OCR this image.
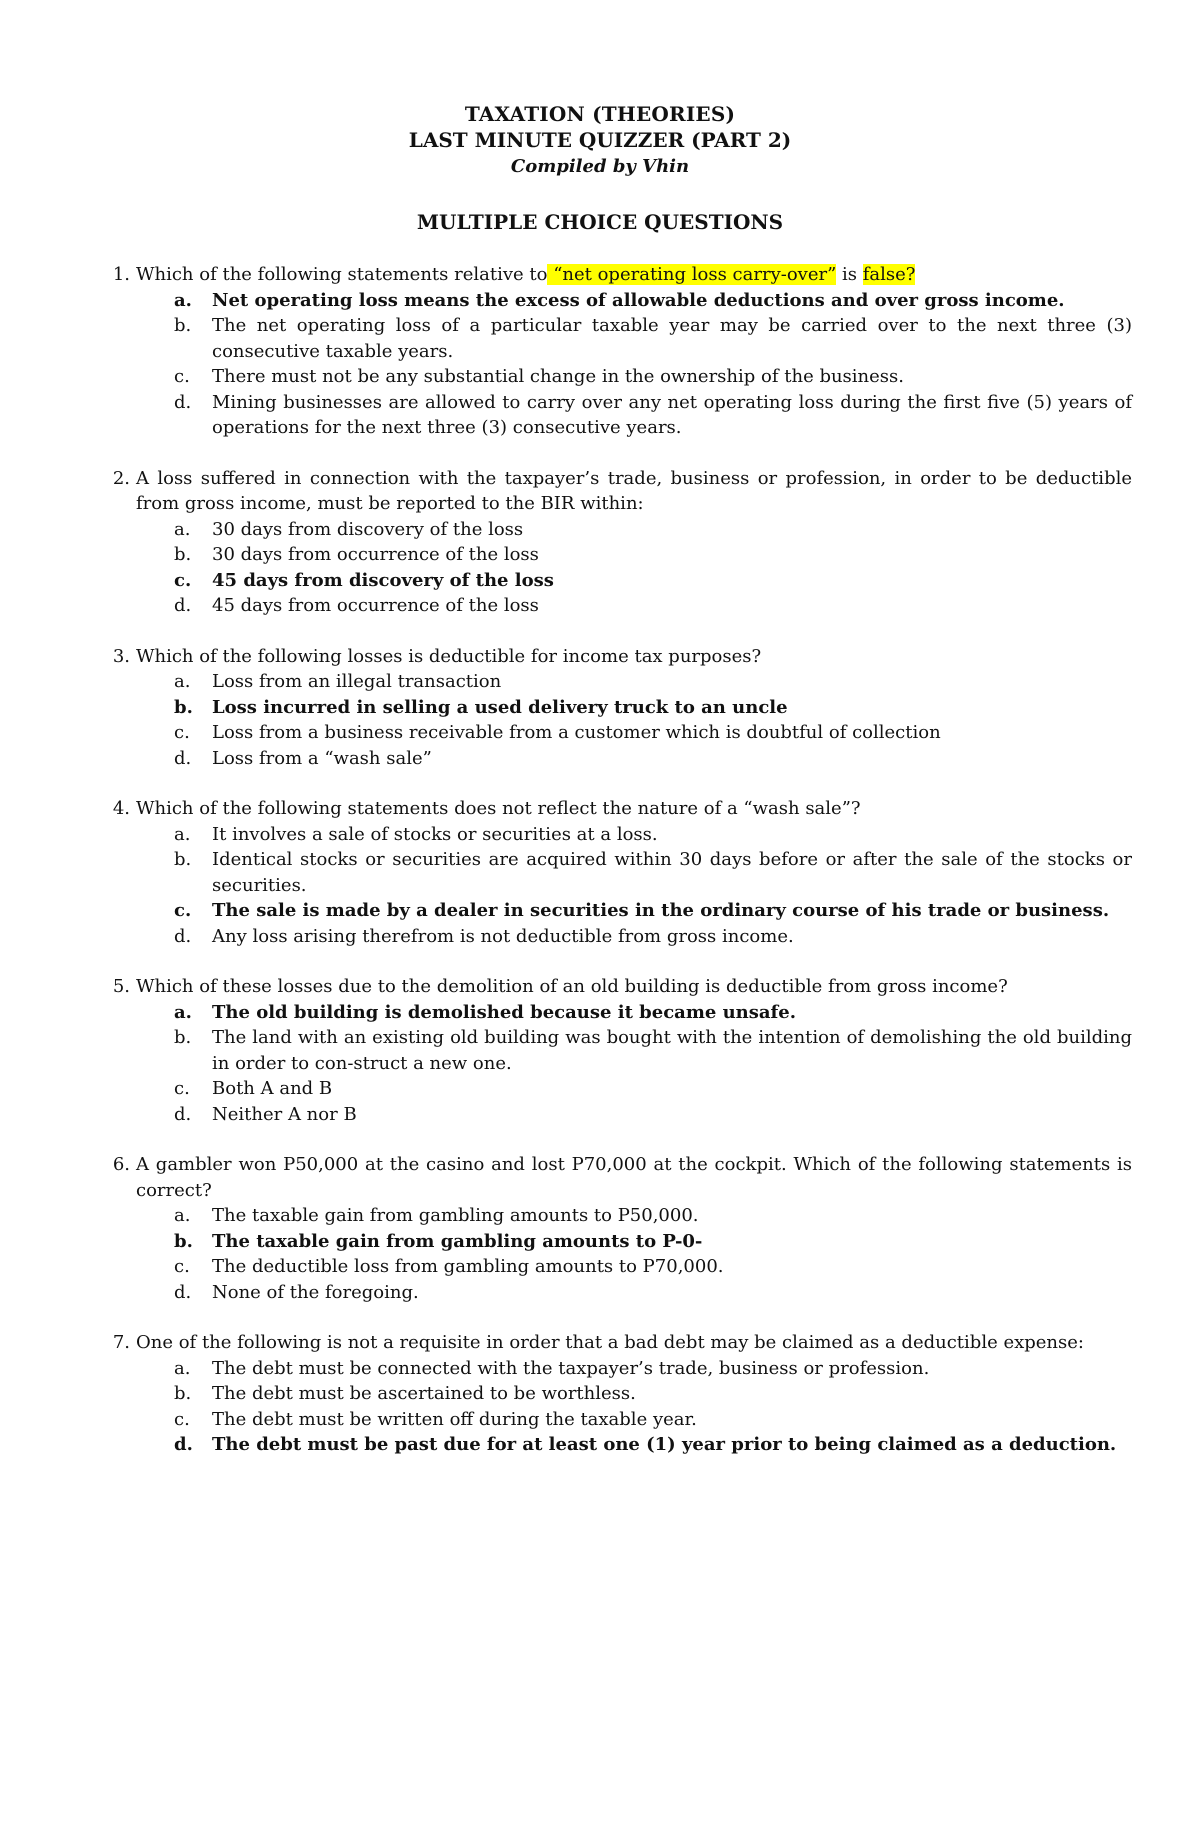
TAXATION (THEORIES)
LAST MINUTE QUIZZER (PART 2)
Compiled by Vhin
MULTIPLE CHOICE QUESTIONS
1. Which of the following statements relative to “net operating loss carry-over” is false?
a.	Net operating loss means the excess of allowable deductions and over gross income.
b.	The net operating loss of a particular taxable year may be carried over to the next three (3) consecutive taxable years.
c.	There must not be any substantial change in the ownership of the business.
d.	Mining businesses are allowed to carry over any net operating loss during the first five (5) years of operations for the next three (3) consecutive years.
2. A loss suffered in connection with the taxpayer’s trade, business or profession, in order to be deductible from gross income, must be reported to the BIR within:
a.	30 days from discovery of the loss
b.	30 days from occurrence of the loss
c.	45 days from discovery of the loss
d.	45 days from occurrence of the loss
3. Which of the following losses is deductible for income tax purposes?
a.	Loss from an illegal transaction
b.	Loss incurred in selling a used delivery truck to an uncle
c.	Loss from a business receivable from a customer which is doubtful of collection
d.	Loss from a “wash sale”
4. Which of the following statements does not reflect the nature of a “wash sale”?
a.	It involves a sale of stocks or securities at a loss.
b.	Identical stocks or securities are acquired within 30 days before or after the sale of the stocks or securities.
c.	The sale is made by a dealer in securities in the ordinary course of his trade or business.
d.	Any loss arising therefrom is not deductible from gross income.
5. Which of these losses due to the demolition of an old building is deductible from gross income?
a.	The old building is demolished because it became unsafe.
b.	The land with an existing old building was bought with the intention of demolishing the old building in order to con-struct a new one.
c.	Both A and B
d.	Neither A nor B
6. A gambler won P50,000 at the casino and lost P70,000 at the cockpit. Which of the following statements is correct?
a.	The taxable gain from gambling amounts to P50,000.
b.	The taxable gain from gambling amounts to P-0-
c.	The deductible loss from gambling amounts to P70,000.
d.	None of the foregoing.
7. One of the following is not a requisite in order that a bad debt may be claimed as a deductible expense:
a.	The debt must be connected with the taxpayer’s trade, business or profession.
b.	The debt must be ascertained to be worthless.
c.	The debt must be written off during the taxable year.
d.	The debt must be past due for at least one (1) year prior to being claimed as a deduction.
